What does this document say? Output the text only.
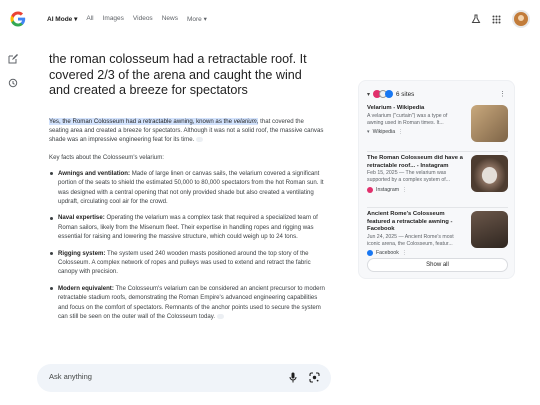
AI Mode ▾ All Images Videos News More ▾
the roman colosseum had a retractable roof. It covered 2/3 of the arena and caught the wind and created a breeze for spectators

Yes, the Roman Colosseum had a retractable awning, known as the velarium, that covered the seating area and created a breeze for spectators. Although it was not a solid roof, the massive canvas shade was an impressive engineering feat for its time.

Key facts about the Colosseum's velarium:

Awnings and ventilation: Made of large linen or canvas sails, the velarium covered a significant portion of the seats to shield the estimated 50,000 to 80,000 spectators from the hot Roman sun. It was designed with a central opening that not only provided shade but also created a ventilating updraft, circulating cool air for the crowd.
Naval expertise: Operating the velarium was a complex task that required a specialized team of Roman sailors, likely from the Misenum fleet. Their expertise in handling ropes and rigging was essential for raising and lowering the massive structure, which could weigh up to 24 tons.
Rigging system: The system used 240 wooden masts positioned around the top story of the Colosseum. A complex network of ropes and pulleys was used to extend and retract the fabric canopy with precision.
Modern equivalent: The Colosseum's velarium can be considered an ancient precursor to modern retractable stadium roofs, demonstrating the Roman Empire's advanced engineering capabilities and focus on the comfort of spectators. Remnants of the anchor points used to secure the system can still be seen on the outer wall of the Colosseum today.
Ask anything
▾	6 sites	⋮
Velarium - Wikipedia
A velarium ("curtain") was a type of awning used in Roman times. It...
▾ Wikipedia ⋮
The Roman Colosseum did have a retractable roof... - Instagram
Feb 15, 2025 — The velarium was supported by a complex system of...
Instagram ⋮
Ancient Rome's Colosseum featured a retractable awning - Facebook
Jun 24, 2025 — Ancient Rome's most iconic arena, the Colosseum, featur...
Facebook ⋮
Show all
